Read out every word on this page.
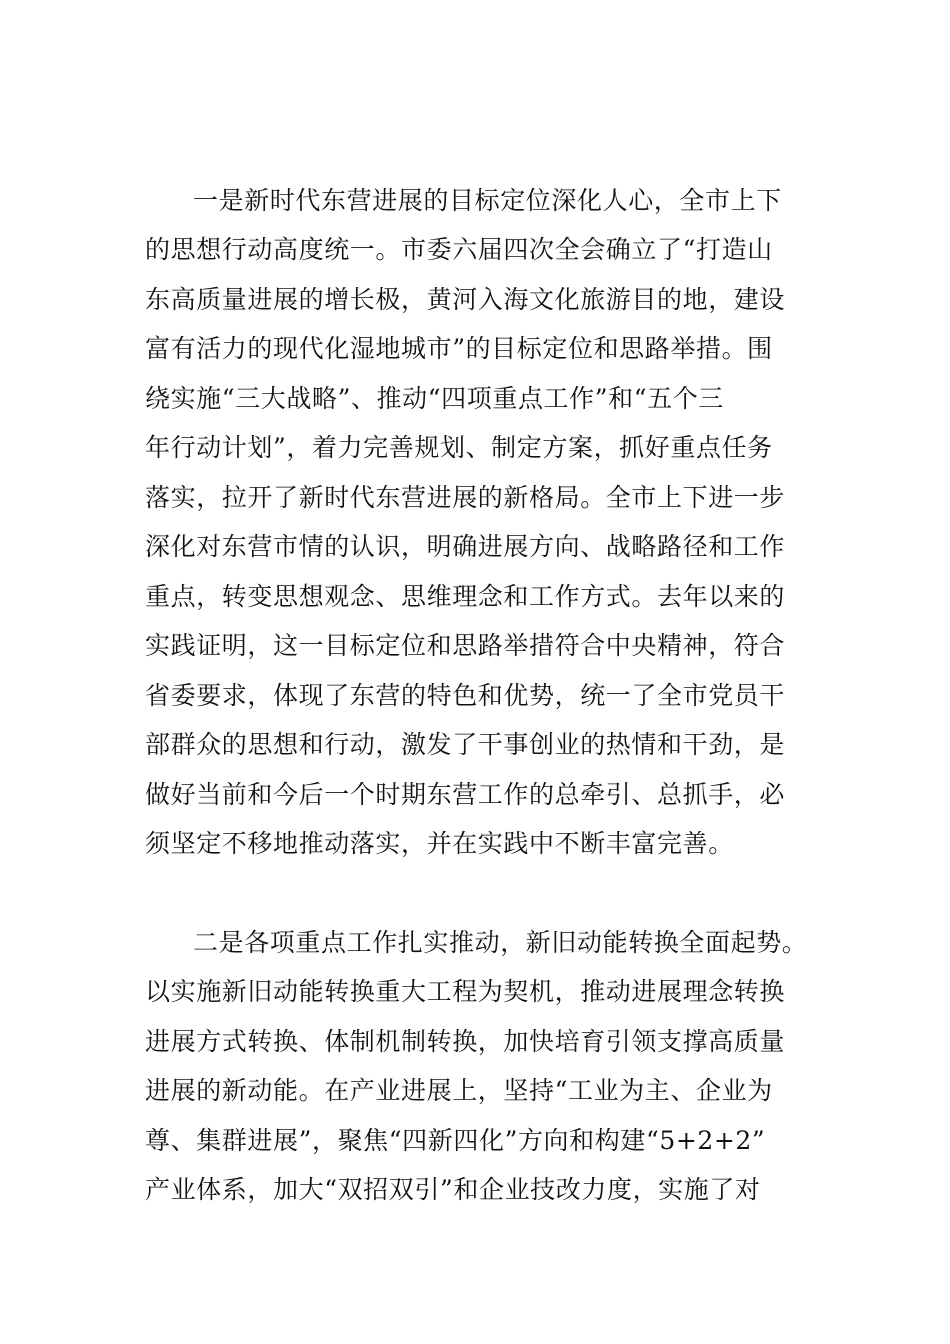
一是新时代东营进展的目标定位深化人心，全市上下
的思想行动高度统一。市委六届四次全会确立了“打造山
东高质量进展的增长极，黄河入海文化旅游目的地，建设
富有活力的现代化湿地城市”的目标定位和思路举措。围
绕实施“三大战略”、推动“四项重点工作”和“五个三
年行动计划”，着力完善规划、制定方案，抓好重点任务
落实，拉开了新时代东营进展的新格局。全市上下进一步
深化对东营市情的认识，明确进展方向、战略路径和工作
重点，转变思想观念、思维理念和工作方式。去年以来的
实践证明，这一目标定位和思路举措符合中央精神，符合
省委要求，体现了东营的特色和优势，统一了全市党员干
部群众的思想和行动，激发了干事创业的热情和干劲，是
做好当前和今后一个时期东营工作的总牵引、总抓手，必
须坚定不移地推动落实，并在实践中不断丰富完善。
二是各项重点工作扎实推动，新旧动能转换全面起势。
以实施新旧动能转换重大工程为契机，推动进展理念转换
进展方式转换、体制机制转换，加快培育引领支撑高质量
进展的新动能。在产业进展上，坚持“工业为主、企业为
尊、集群进展”，聚焦“四新四化”方向和构建“5+2+2”
产业体系，加大“双招双引”和企业技改力度，实施了对
